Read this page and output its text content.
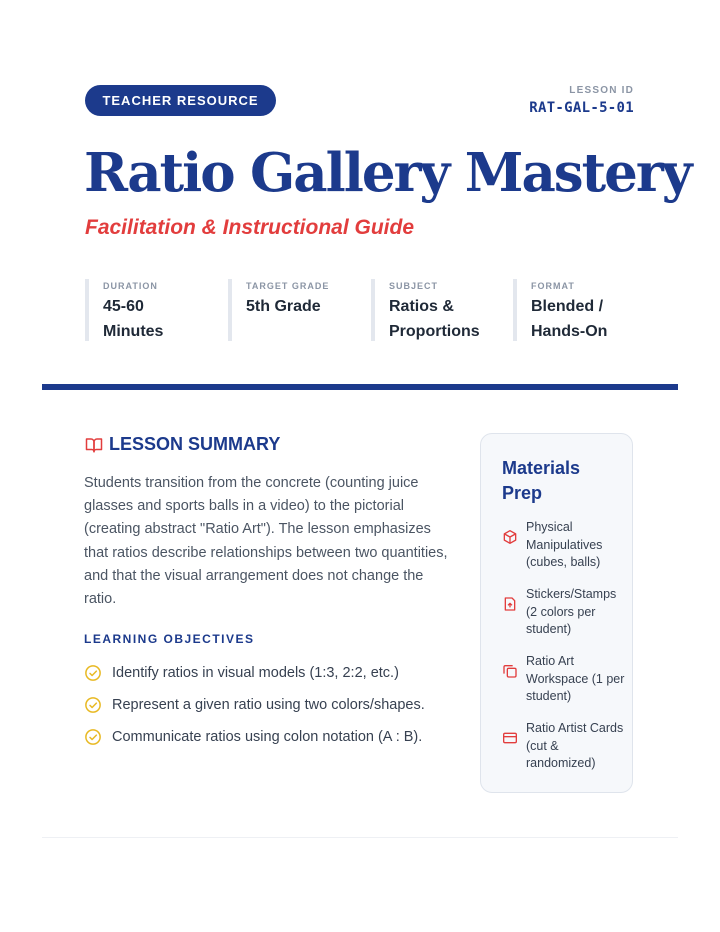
TEACHER RESOURCE
LESSON ID
RAT-GAL-5-01
Ratio Gallery Mastery
Facilitation & Instructional Guide
DURATION
45-60
Minutes
TARGET GRADE
5th Grade
SUBJECT
Ratios &
Proportions
FORMAT
Blended /
Hands-On
LESSON SUMMARY
Students transition from the concrete (counting juice glasses and sports balls in a video) to the pictorial (creating abstract "Ratio Art"). The lesson emphasizes that ratios describe relationships between two quantities, and that the visual arrangement does not change the ratio.
LEARNING OBJECTIVES
Identify ratios in visual models (1:3, 2:2, etc.)
Represent a given ratio using two colors/shapes.
Communicate ratios using colon notation (A : B).
Materials Prep
Physical Manipulatives (cubes, balls)
Stickers/Stamps (2 colors per student)
Ratio Art Workspace (1 per student)
Ratio Artist Cards (cut & randomized)
